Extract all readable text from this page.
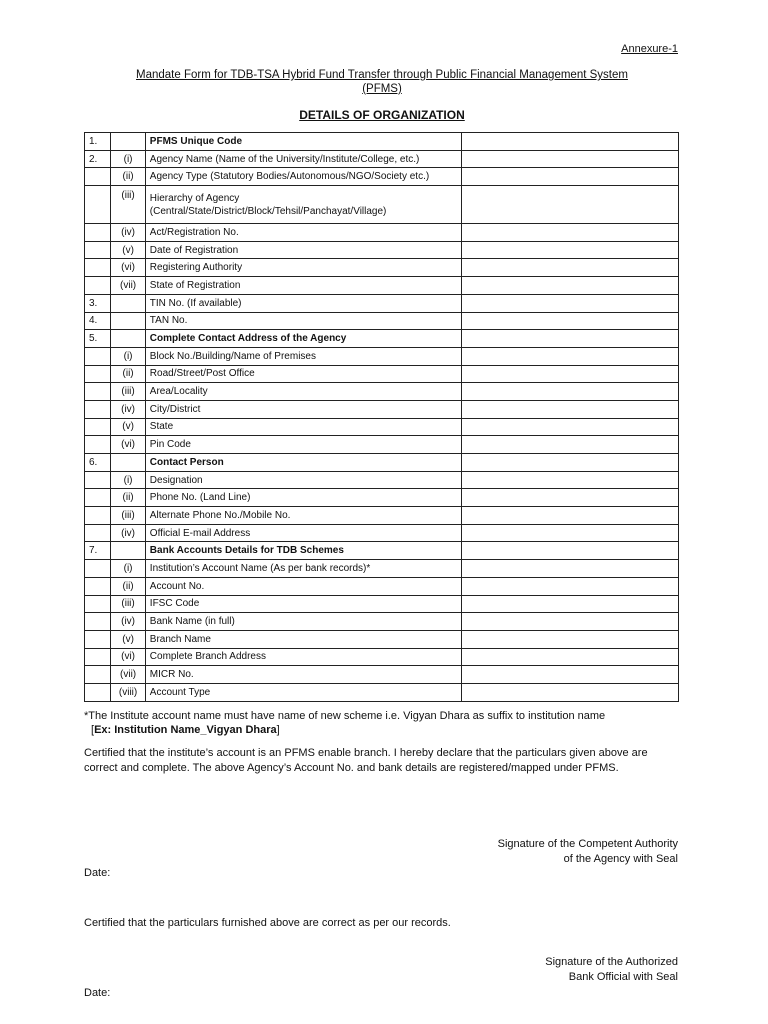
Annexure-1
Mandate Form for TDB-TSA Hybrid Fund Transfer through Public Financial Management System
(PFMS)
DETAILS OF ORGANIZATION
1.		PFMS Unique Code	
2.	(i)	Agency Name (Name of the University/Institute/College, etc.)	
	(ii)	Agency Type (Statutory Bodies/Autonomous/NGO/Society etc.)	
	(iii)	Hierarchy of Agency
(Central/State/District/Block/Tehsil/Panchayat/Village)	

	(iv)	Act/Registration No.	
	(v)	Date of Registration	
	(vi)	Registering Authority	
	(vii)	State of Registration	
3.		TIN No. (If available)	
4.		TAN No.	
5.		Complete Contact Address of the Agency	
	(i)	Block No./Building/Name of Premises	
	(ii)	Road/Street/Post Office	
	(iii)	Area/Locality	
	(iv)	City/District	
	(v)	State	
	(vi)	Pin Code	
6.		Contact Person	
	(i)	Designation	
	(ii)	Phone No. (Land Line)	
	(iii)	Alternate Phone No./Mobile No.	
	(iv)	Official E-mail Address	
7.		Bank Accounts Details for TDB Schemes	
	(i)	Institution’s Account Name (As per bank records)*	
	(ii)	Account No.	
	(iii)	IFSC Code	
	(iv)	Bank Name (in full)	
	(v)	Branch Name	
	(vi)	Complete Branch Address	
	(vii)	MICR No.	
	(viii)	Account Type	
*The Institute account name must have name of new scheme i.e. Vigyan Dhara as suffix to institution name
[Ex: Institution Name_Vigyan Dhara]
Certified that the institute’s account is an PFMS enable branch. I hereby declare that the particulars given above are correct and complete. The above Agency’s Account No. and bank details are registered/mapped under PFMS.
Signature of the Competent Authority
of the Agency with Seal
Date:
Certified that the particulars furnished above are correct as per our records.
Signature of the Authorized
Bank Official with Seal
Date:
